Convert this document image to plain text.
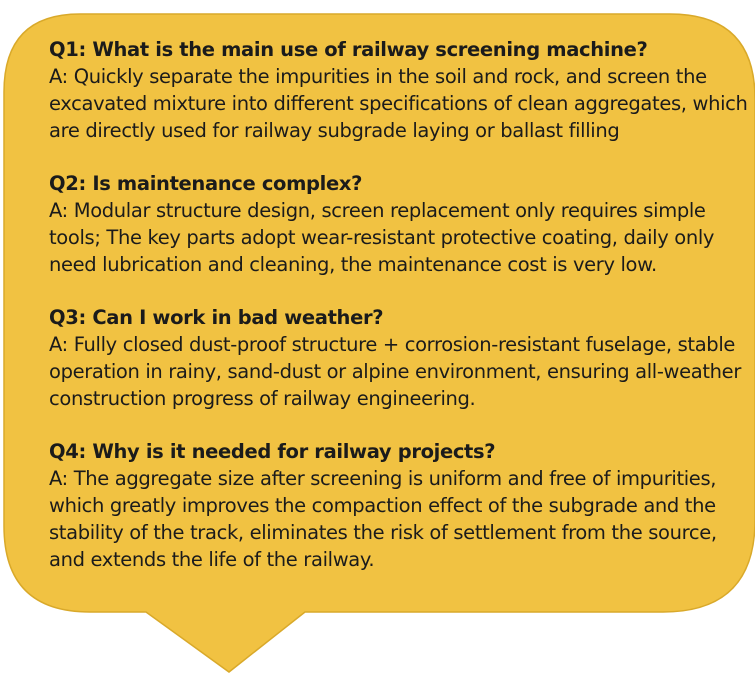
Q1: What is the main use of railway screening machine?
A: Quickly separate the impurities in the soil and rock, and screen the excavated mixture into different specifications of clean aggregates, which are directly used for railway subgrade laying or ballast filling
Q2: Is maintenance complex?
A: Modular structure design, screen replacement only requires simple tools; The key parts adopt wear-resistant protective coating, daily only need lubrication and cleaning, the maintenance cost is very low.
Q3: Can I work in bad weather?
A: Fully closed dust-proof structure + corrosion-resistant fuselage, stable operation in rainy, sand-dust or alpine environment, ensuring all-weather construction progress of railway engineering.
Q4: Why is it needed for railway projects?
A: The aggregate size after screening is uniform and free of impurities, which greatly improves the compaction effect of the subgrade and the stability of the track, eliminates the risk of settlement from the source, and extends the life of the railway.
